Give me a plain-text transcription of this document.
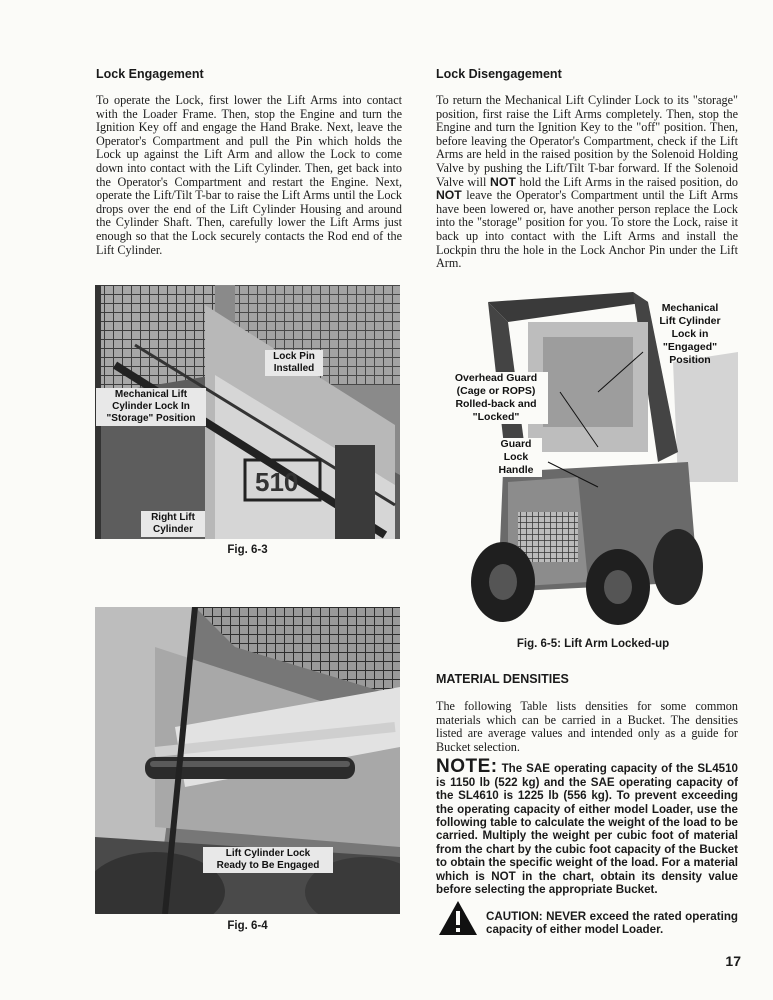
Lock Engagement

To operate the Lock, first lower the Lift Arms into contact with the Loader Frame. Then, stop the Engine and turn the Ignition Key off and engage the Hand Brake. Next, leave the Operator's Compartment and pull the Pin which holds the Lock up against the Lift Arm and allow the Lock to come down into contact with the Lift Cylinder. Then, get back into the Operator's Compartment and restart the Engine. Next, operate the Lift/Tilt T-bar to raise the Lift Arms until the Lock drops over the end of the Lift Cylinder Housing and around the Cylinder Shaft. Then, carefully lower the Lift Arms just enough so that the Lock securely contacts the Rod end of the Lift Cylinder.

Lock Disengagement

To return the Mechanical Lift Cylinder Lock to its "storage" position, first raise the Lift Arms completely. Then, stop the Engine and turn the Ignition Key to the "off" position. Then, before leaving the Operator's Compartment, check if the Lift Arms are held in the raised position by the Solenoid Holding Valve by pushing the Lift/Tilt T-bar forward. If the Solenoid Valve will NOT hold the Lift Arms in the raised position, do NOT leave the Operator's Compartment until the Lift Arms have been lowered or, have another person replace the Lock into the "storage" position for you. To store the Lock, raise it back up into contact with the Lift Arms and install the Lockpin thru the hole in the Lock Anchor Pin under the Lift Arm.

510
Lock Pin
Installed
Mechanical Lift
Cylinder Lock In
"Storage" Position
Right Lift
Cylinder
Fig. 6-3
Lift Cylinder Lock
Ready to Be Engaged
Fig. 6-4
Mechanical
Lift Cylinder
Lock in "Engaged"
Position
Overhead Guard
(Cage or ROPS)
Rolled-back and
"Locked"
Guard
Lock
Handle
Fig. 6-5: Lift Arm Locked-up
MATERIAL DENSITIES

The following Table lists densities for some common materials which can be carried in a Bucket. The densities listed are average values and intended only as a guide for Bucket selection.

NOTE: The SAE operating capacity of the SL4510 is 1150 lb (522 kg) and the SAE operating capacity of the SL4610 is 1225 lb (556 kg). To prevent exceeding the operating capacity of either model Loader, use the following table to calculate the weight of the load to be carried. Multiply the weight per cubic foot of material from the chart by the cubic foot capacity of the Bucket to obtain the specific weight of the load. For a material which is NOT in the chart, obtain its density value before selecting the appropriate Bucket.
CAUTION: NEVER exceed the rated operating capacity of either model Loader.
17
